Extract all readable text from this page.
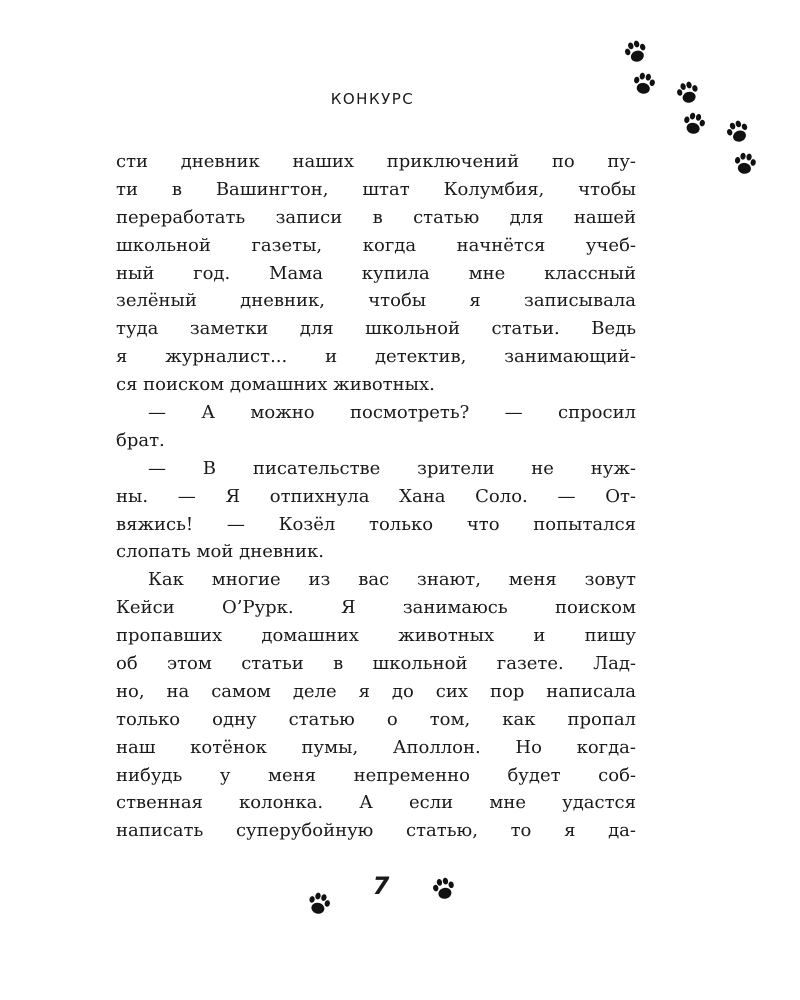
КОНКУРС
сти дневник наших приключений по пу-
ти в Вашингтон, штат Колумбия, чтобы
переработать записи в статью для нашей
школьной газеты, когда начнётся учеб-
ный год. Мама купила мне классный
зелёный дневник, чтобы я записывала
туда заметки для школьной статьи. Ведь
я журналист... и детектив, занимающий-
ся поиском домашних животных.
— А можно посмотреть? — спросил
брат.
— В писательстве зрители не нуж-
ны. — Я отпихнула Хана Соло. — От-
вяжись! — Козёл только что попытался
слопать мой дневник.
Как многие из вас знают, меня зовут
Кейси О’Рурк. Я занимаюсь поиском
пропавших домашних животных и пишу
об этом статьи в школьной газете. Лад-
но, на самом деле я до сих пор написала
только одну статью о том, как пропал
наш котёнок пумы, Аполлон. Но когда-
нибудь у меня непременно будет соб-
ственная колонка. А если мне удастся
написать суперубойную статью, то я да-
7
